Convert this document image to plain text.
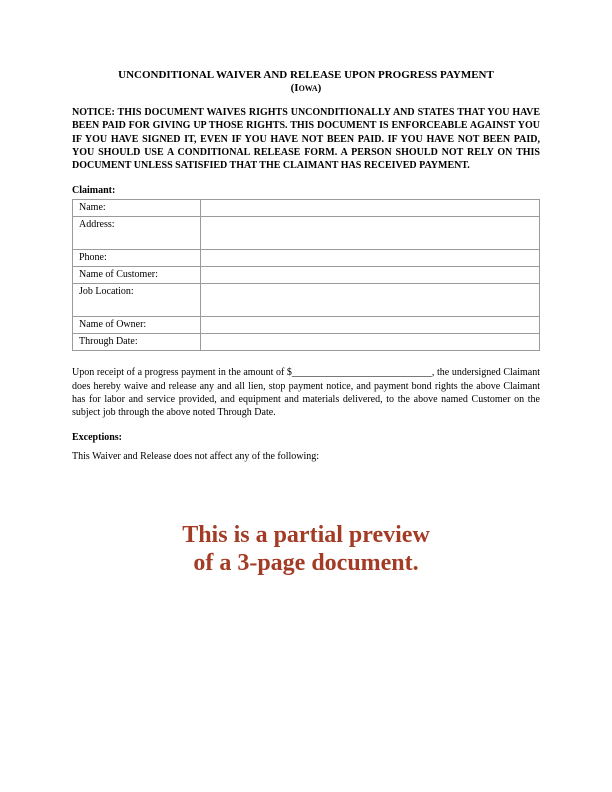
UNCONDITIONAL WAIVER AND RELEASE UPON PROGRESS PAYMENT
(Iowa)

NOTICE: THIS DOCUMENT WAIVES RIGHTS UNCONDITIONALLY AND STATES THAT YOU HAVE BEEN PAID FOR GIVING UP THOSE RIGHTS. THIS DOCUMENT IS ENFORCEABLE AGAINST YOU IF YOU HAVE SIGNED IT, EVEN IF YOU HAVE NOT BEEN PAID. IF YOU HAVE NOT BEEN PAID, YOU SHOULD USE A CONDITIONAL RELEASE FORM. A PERSON SHOULD NOT RELY ON THIS DOCUMENT UNLESS SATISFIED THAT THE CLAIMANT HAS RECEIVED PAYMENT.

Claimant:
Name:	
Address:	
Phone:	
Name of Customer:	
Job Location:	
Name of Owner:	
Through Date:	

Upon receipt of a progress payment in the amount of $____________________________, the undersigned Claimant does hereby waive and release any and all lien, stop payment notice, and payment bond rights the above Claimant has for labor and service provided, and equipment and materials delivered, to the above named Customer on the subject job through the above noted Through Date.

Exceptions:

This Waiver and Release does not affect any of the following:

This is a partial preview
of a 3-page document.
